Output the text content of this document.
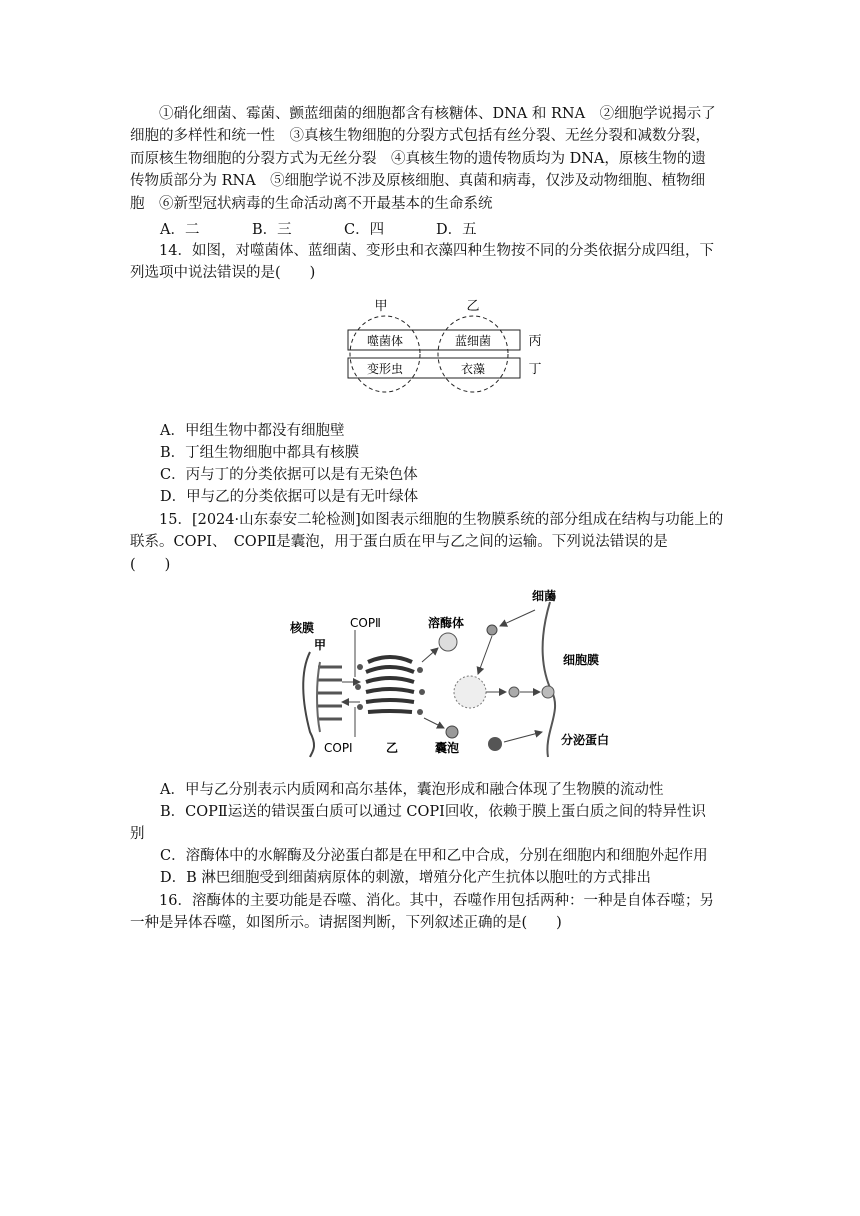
①硝化细菌、霉菌、颤蓝细菌的细胞都含有核糖体、DNA 和 RNA　②细胞学说揭示了
细胞的多样性和统一性　③真核生物细胞的分裂方式包括有丝分裂、无丝分裂和减数分裂，
而原核生物细胞的分裂方式为无丝分裂　④真核生物的遗传物质均为 DNA，原核生物的遗
传物质部分为 RNA　⑤细胞学说不涉及原核细胞、真菌和病毒，仅涉及动物细胞、植物细
胞　⑥新型冠状病毒的生命活动离不开最基本的生命系统
A．二	B．三	C．四	D．五
14．如图，对噬菌体、蓝细菌、变形虫和衣藻四种生物按不同的分类依据分成四组，下
列选项中说法错误的是(　　)
甲	乙
噬菌体	蓝细菌
变形虫	衣藻
丙
丁
A．甲组生物中都没有细胞壁
B．丁组生物细胞中都具有核膜
C．丙与丁的分类依据可以是有无染色体
D．甲与乙的分类依据可以是有无叶绿体
15．[2024·山东泰安二轮检测]如图表示细胞的生物膜系统的部分组成在结构与功能上的
联系。COPⅠ、　COPⅡ是囊泡，用于蛋白质在甲与乙之间的运输。下列说法错误的是
(　　)
核膜
甲
COPⅡ
COPⅠ	乙
溶酶体
囊泡
细菌
细胞膜
分泌蛋白
A．甲与乙分别表示内质网和高尔基体，囊泡形成和融合体现了生物膜的流动性
B．COPⅡ运送的错误蛋白质可以通过 COPⅠ回收，依赖于膜上蛋白质之间的特异性识
别
C．溶酶体中的水解酶及分泌蛋白都是在甲和乙中合成，分别在细胞内和细胞外起作用
D．B 淋巴细胞受到细菌病原体的刺激，增殖分化产生抗体以胞吐的方式排出
16．溶酶体的主要功能是吞噬、消化。其中，吞噬作用包括两种：一种是自体吞噬；另
一种是异体吞噬，如图所示。请据图判断，下列叙述正确的是(　　)
